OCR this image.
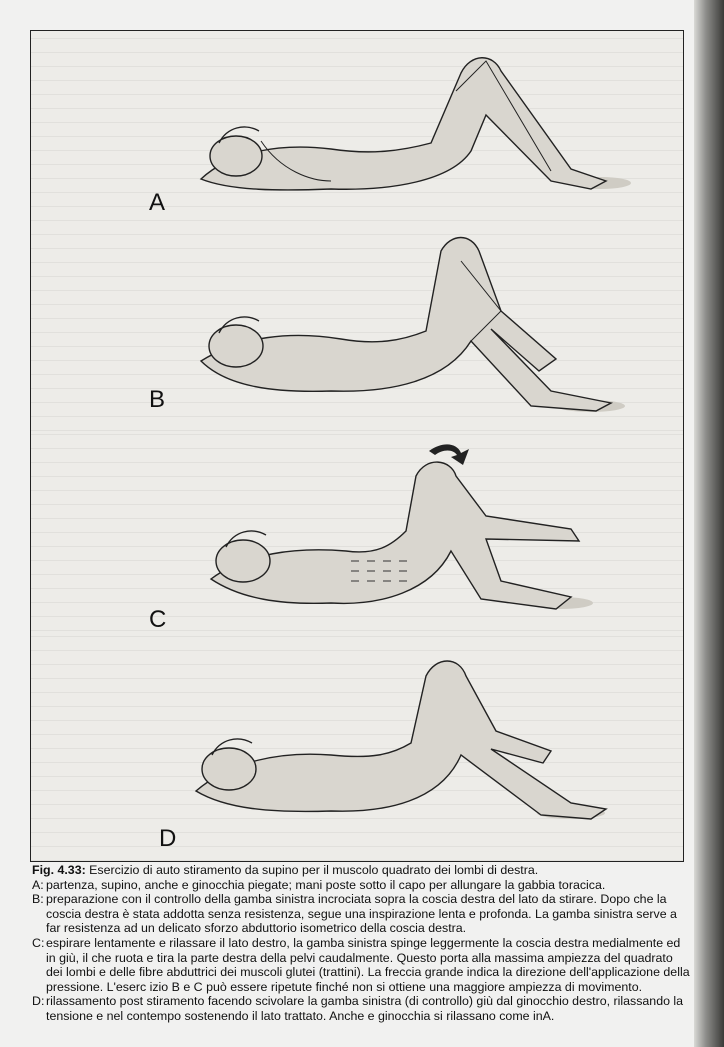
A
B
C
D
Fig. 4.33: Esercizio di auto stiramento da supino per il muscolo quadrato dei lombi di destra.
A: partenza, supino, anche e ginocchia piegate; mani poste sotto il capo per allungare la gabbia toracica.
B: preparazione con il controllo della gamba sinistra incrociata sopra la coscia destra del lato da stirare. Dopo che la coscia destra è stata addotta senza resistenza, segue una inspirazione lenta e profonda. La gamba sinistra serve a far resistenza ad un delicato sforzo abduttorio isometrico della coscia destra.
C: espirare lentamente e rilassare il lato destro, la gamba sinistra spinge leggermente la coscia destra medialmente ed in giù, il che ruota e tira la parte destra della pelvi caudalmente. Questo porta alla massima ampiezza del quadrato dei lombi e delle fibre abduttrici dei muscoli glutei (trattini). La freccia grande indica la direzione dell'applicazione della pressione. L'eserc izio B e C può essere ripetute finché non si ottiene una maggiore ampiezza di movimento.
D: rilassamento post stiramento facendo scivolare la gamba sinistra (di controllo) giù dal ginocchio destro, rilassando la tensione e nel contempo sostenendo il lato trattato. Anche e ginocchia si rilassano come inA.
